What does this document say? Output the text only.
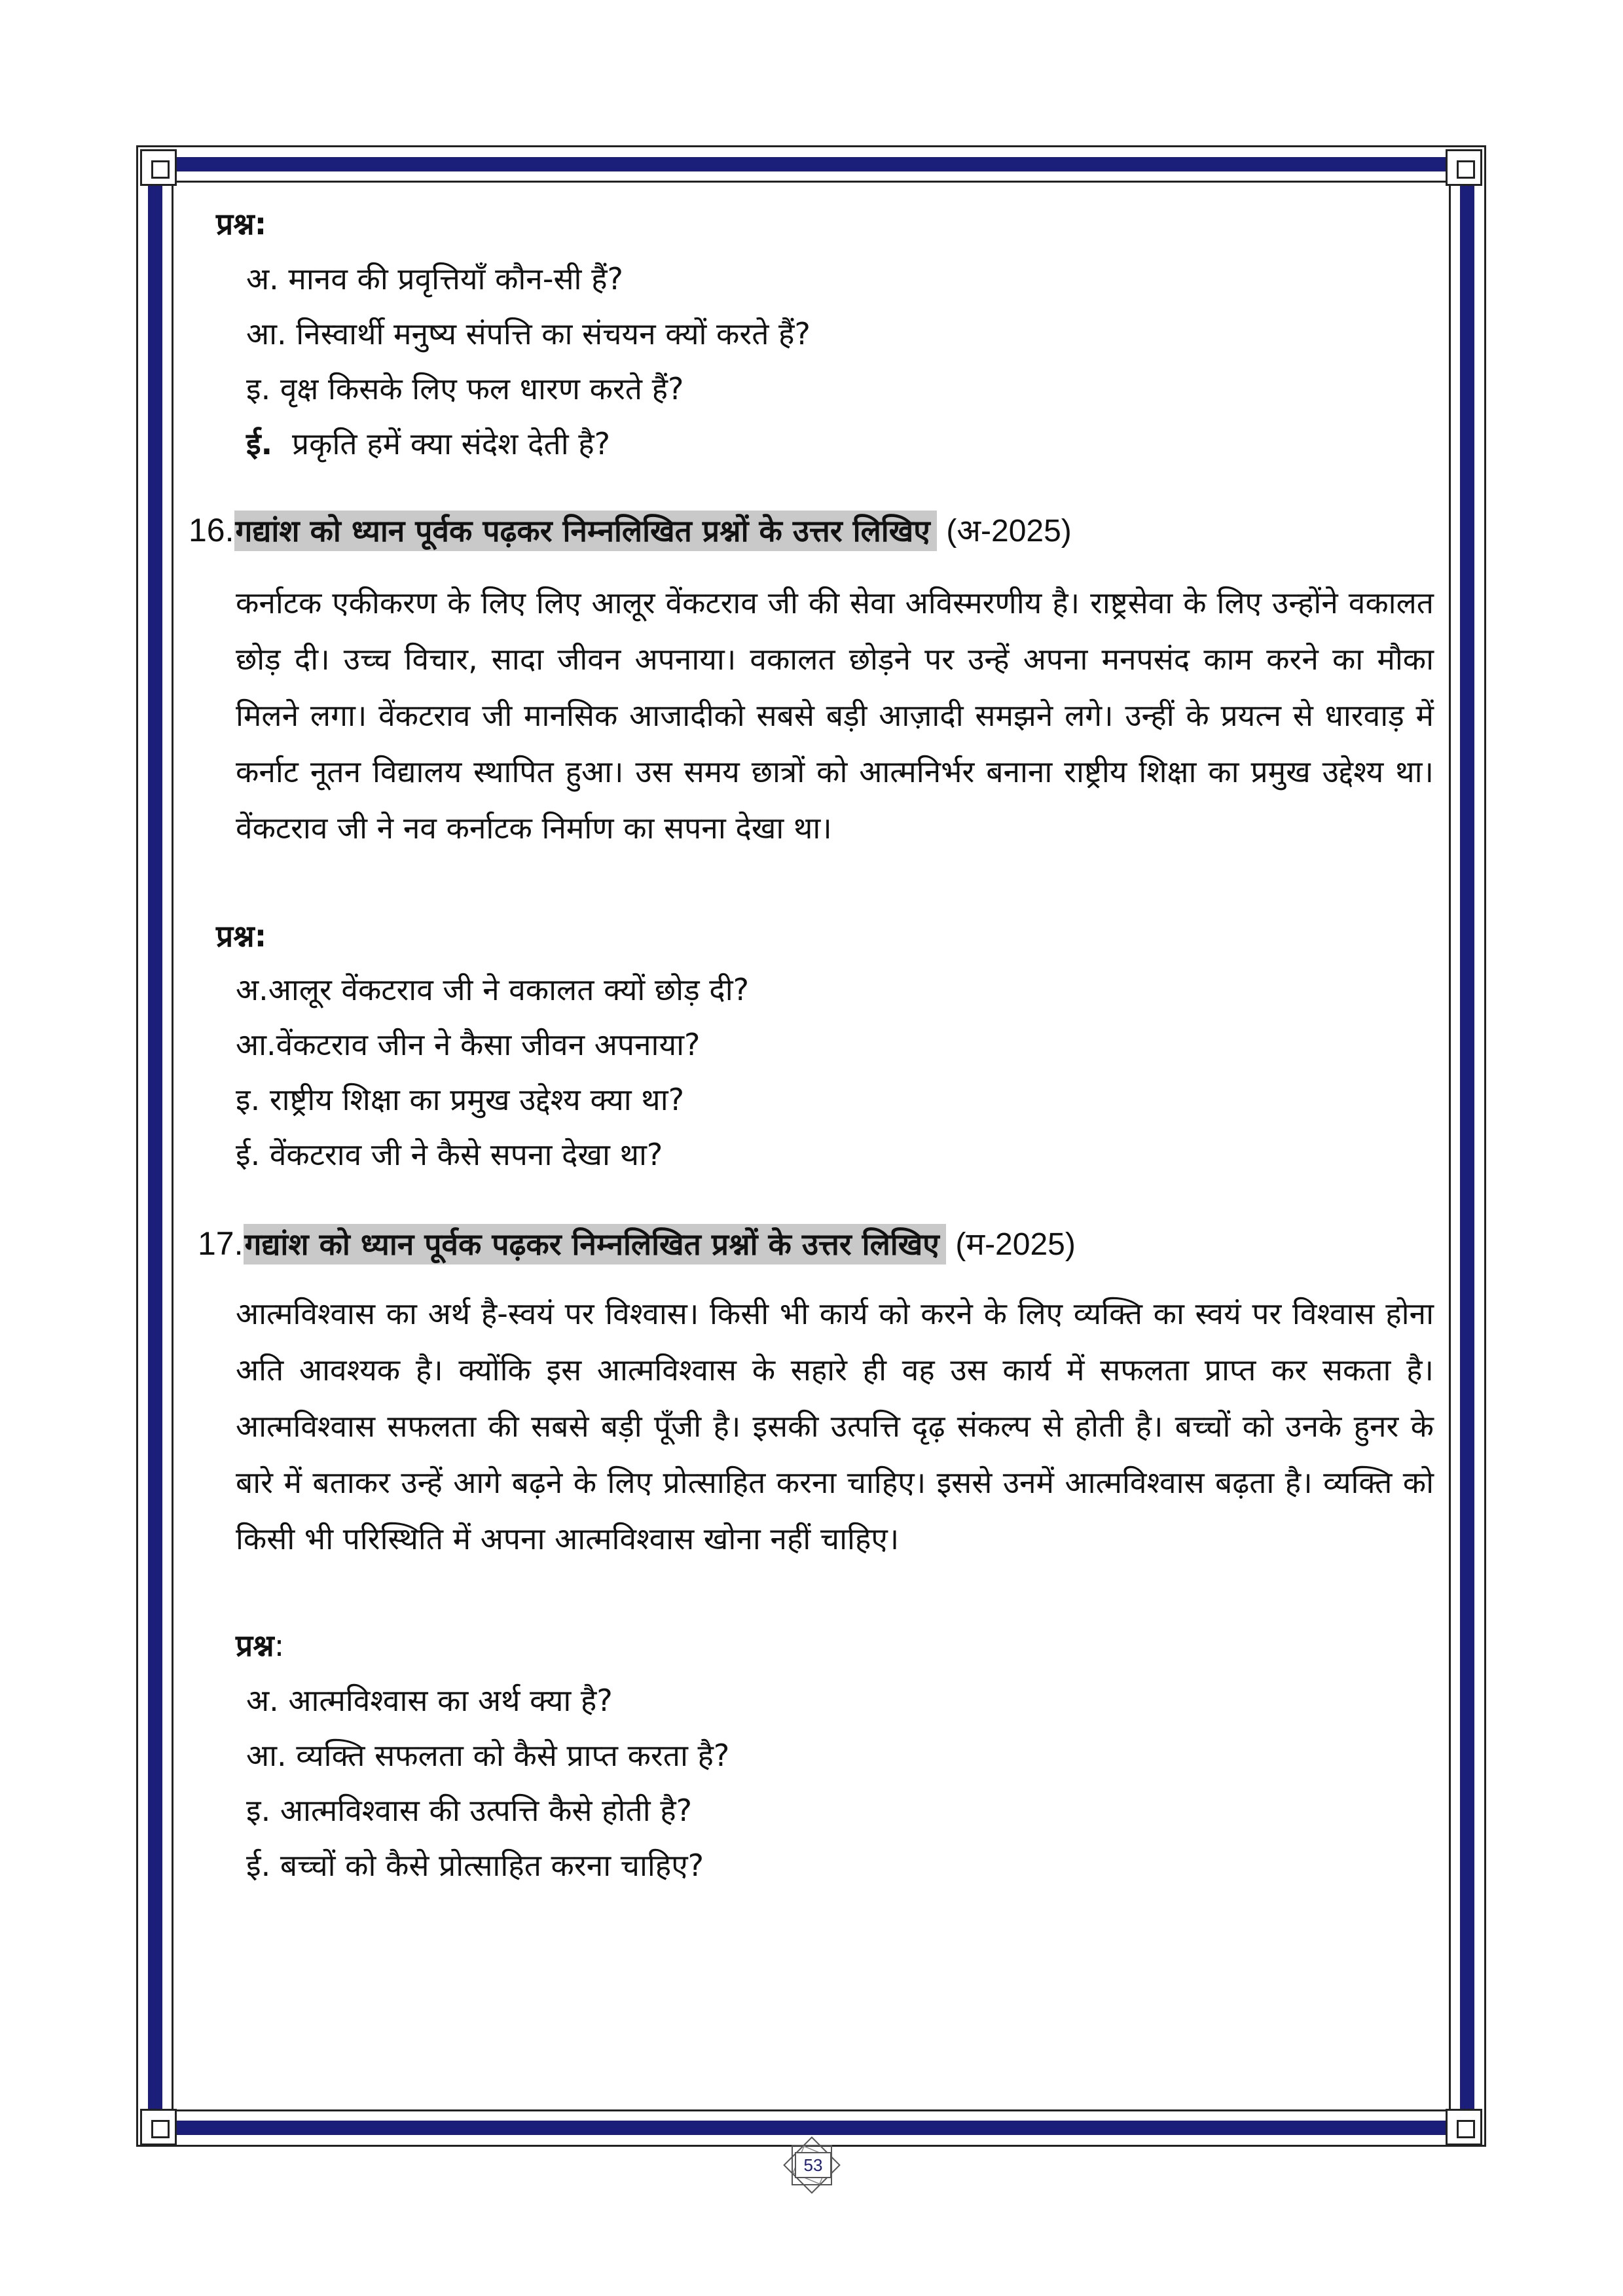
प्रश्न:
अ. मानव की प्रवृत्तियाँ कौन-सी हैं?
आ. निस्वार्थी मनुष्य संपत्ति का संचयन क्यों करते हैं?
इ. वृक्ष किसके लिए फल धारण करते हैं?
ई. प्रकृति हमें क्या संदेश देती है?
16.गद्यांश को ध्यान पूर्वक पढ़कर निम्नलिखित प्रश्नों के उत्तर लिखिए (अ-2025)
कर्नाटक एकीकरण के लिए लिए आलूर वेंकटराव जी की सेवा अविस्मरणीय है। राष्ट्रसेवा के लिए उन्होंने वकालत छोड़ दी। उच्च विचार, सादा जीवन अपनाया। वकालत छोड़ने पर उन्हें अपना मनपसंद काम करने का मौका मिलने लगा। वेंकटराव जी मानसिक आजादीको सबसे बड़ी आज़ादी समझने लगे। उन्हीं के प्रयत्न से धारवाड़ में कर्नाट नूतन विद्यालय स्थापित हुआ। उस समय छात्रों को आत्मनिर्भर बनाना राष्ट्रीय शिक्षा का प्रमुख उद्देश्य था। वेंकटराव जी ने नव कर्नाटक निर्माण का सपना देखा था।
प्रश्न:
अ.आलूर वेंकटराव जी ने वकालत क्यों छोड़ दी?
आ.वेंकटराव जीन ने कैसा जीवन अपनाया?
इ. राष्ट्रीय शिक्षा का प्रमुख उद्देश्य क्या था?
ई. वेंकटराव जी ने कैसे सपना देखा था?
17.गद्यांश को ध्यान पूर्वक पढ़कर निम्नलिखित प्रश्नों के उत्तर लिखिए (म-2025)
आत्मविश्वास का अर्थ है-स्वयं पर विश्वास। किसी भी कार्य को करने के लिए व्यक्ति का स्वयं पर विश्वास होना अति आवश्यक है। क्योंकि इस आत्मविश्वास के सहारे ही वह उस कार्य में सफलता प्राप्त कर सकता है। आत्मविश्वास सफलता की सबसे बड़ी पूँजी है। इसकी उत्पत्ति दृढ़ संकल्प से होती है। बच्चों को उनके हुनर के बारे में बताकर उन्हें आगे बढ़ने के लिए प्रोत्साहित करना चाहिए। इससे उनमें आत्मविश्वास बढ़ता है। व्यक्ति को किसी भी परिस्थिति में अपना आत्मविश्वास खोना नहीं चाहिए।
प्रश्न:
अ. आत्मविश्वास का अर्थ क्या है?
आ. व्यक्ति सफलता को कैसे प्राप्त करता है?
इ. आत्मविश्वास की उत्पत्ति कैसे होती है?
ई. बच्चों को कैसे प्रोत्साहित करना चाहिए?
53
